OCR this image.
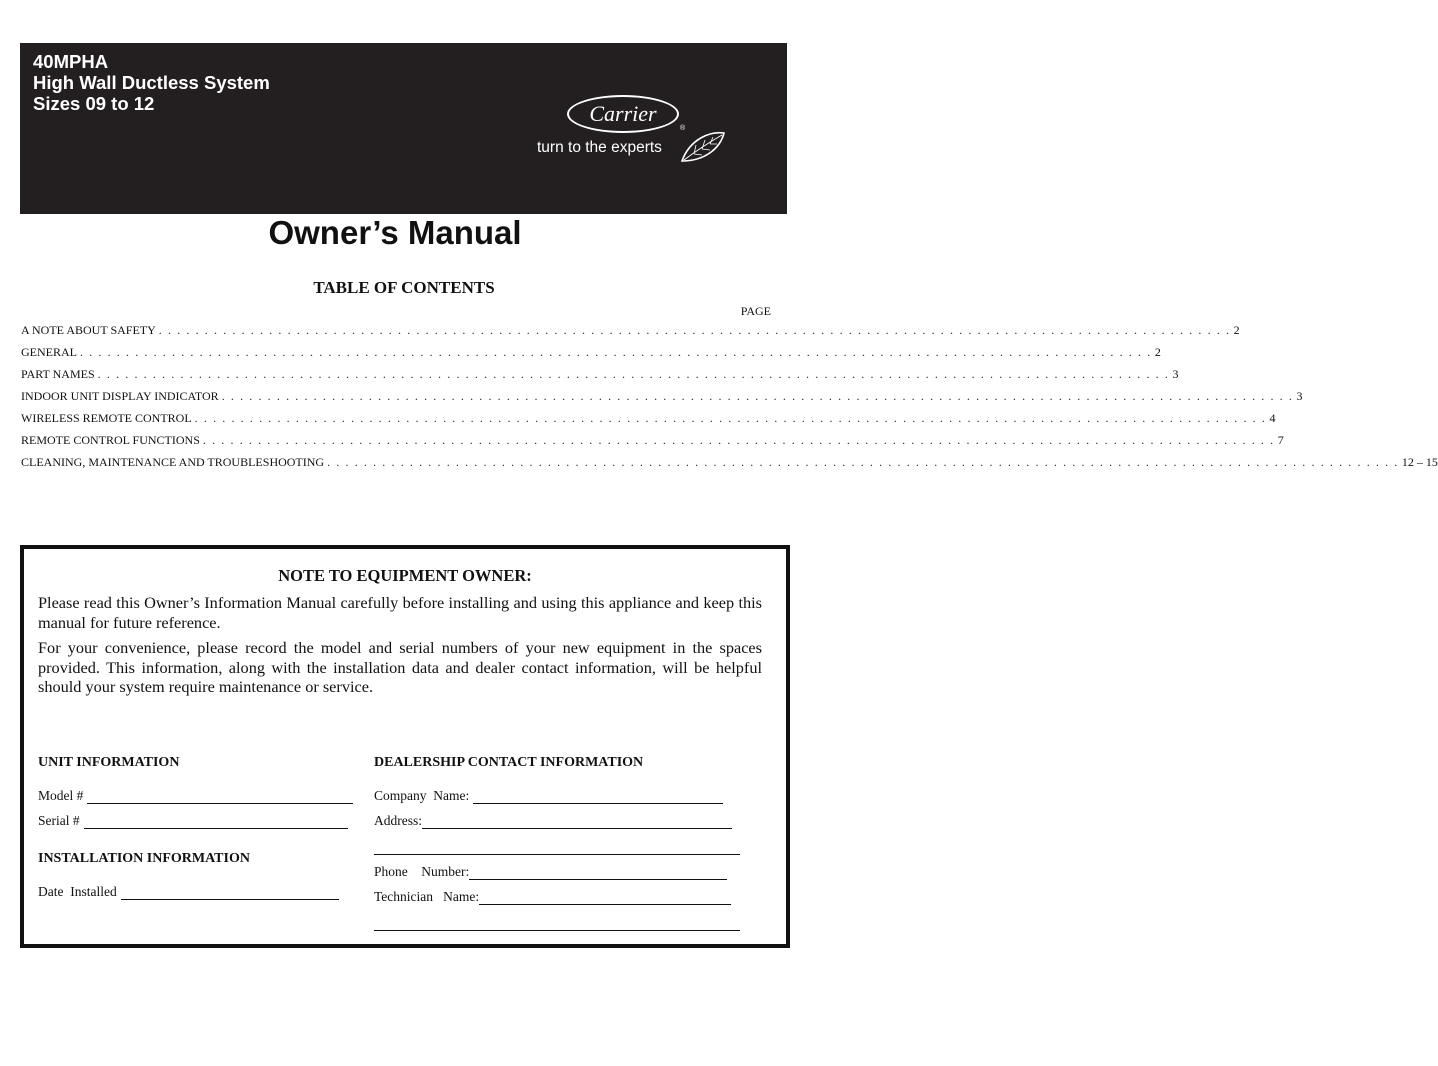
40MPHA
High Wall Ductless System
Sizes 09 to 12	Carrier
®
turn to the experts
Owner’s Manual
TABLE OF CONTENTS
PAGE
A NOTE ABOUT SAFETY . . . . . . . . . . . . . . . . . . . . . . . . . . . . . . . . . . . . . . . . . . . . . . . . . . . . . . . . . . . . . . . . . . . . . . . . . . . . . . . . . . . . . . . . . . . . . . . . . . . . . . . . . . . . . . . . . . . . . 2
GENERAL . . . . . . . . . . . . . . . . . . . . . . . . . . . . . . . . . . . . . . . . . . . . . . . . . . . . . . . . . . . . . . . . . . . . . . . . . . . . . . . . . . . . . . . . . . . . . . . . . . . . . . . . . . . . . . . . . . . . . 2
PART NAMES . . . . . . . . . . . . . . . . . . . . . . . . . . . . . . . . . . . . . . . . . . . . . . . . . . . . . . . . . . . . . . . . . . . . . . . . . . . . . . . . . . . . . . . . . . . . . . . . . . . . . . . . . . . . . . . . . . . . . 3
INDOOR UNIT DISPLAY INDICATOR . . . . . . . . . . . . . . . . . . . . . . . . . . . . . . . . . . . . . . . . . . . . . . . . . . . . . . . . . . . . . . . . . . . . . . . . . . . . . . . . . . . . . . . . . . . . . . . . . . . . . . . . . . . . . . . . . . . . . 3
WIRELESS REMOTE CONTROL . . . . . . . . . . . . . . . . . . . . . . . . . . . . . . . . . . . . . . . . . . . . . . . . . . . . . . . . . . . . . . . . . . . . . . . . . . . . . . . . . . . . . . . . . . . . . . . . . . . . . . . . . . . . . . . . . . . . . 4
REMOTE CONTROL FUNCTIONS . . . . . . . . . . . . . . . . . . . . . . . . . . . . . . . . . . . . . . . . . . . . . . . . . . . . . . . . . . . . . . . . . . . . . . . . . . . . . . . . . . . . . . . . . . . . . . . . . . . . . . . . . . . . . . . . . . . . . 7
CLEANING, MAINTENANCE AND TROUBLESHOOTING . . . . . . . . . . . . . . . . . . . . . . . . . . . . . . . . . . . . . . . . . . . . . . . . . . . . . . . . . . . . . . . . . . . . . . . . . . . . . . . . . . . . . . . . . . . . . . . . . . . . . . . . . . . . . . . . . . . . . 12 – 15
NOTE TO EQUIPMENT OWNER:

Please read this Owner’s Information Manual carefully before installing and using this appliance and keep this manual for future reference.

For your convenience, please record the model and serial numbers of your new equipment in the spaces provided. This information, along with the installation data and dealer contact information, will be helpful should your system require maintenance or service.

UNIT INFORMATION
Model #
Serial #
INSTALLATION INFORMATION
Date  Installed
DEALERSHIP CONTACT INFORMATION
Company  Name:
Address:
Phone    Number:
Technician   Name:
